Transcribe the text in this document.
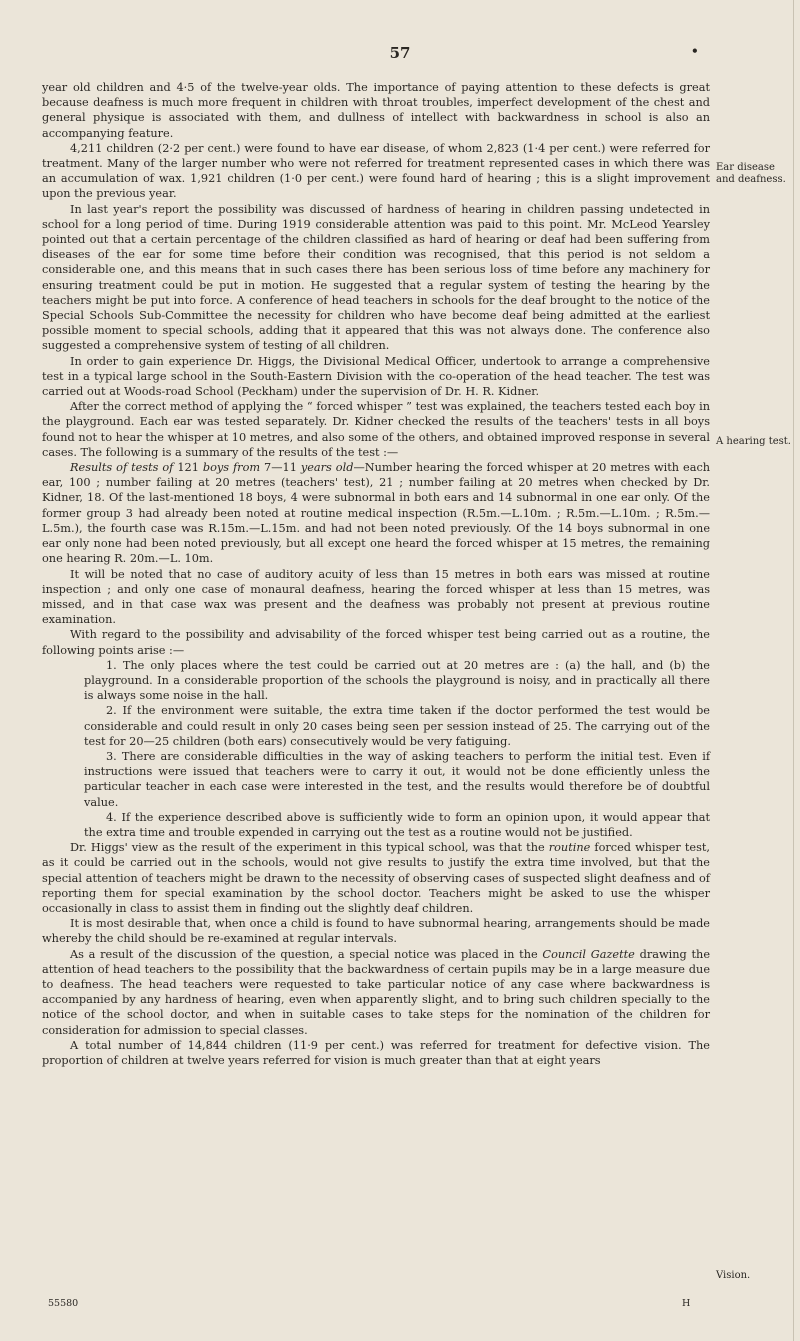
57	•

year old children and 4·5 of the twelve-year olds. The importance of paying attention to these defects is great because deafness is much more frequent in children with throat troubles, imperfect development of the chest and general physique is associated with them, and dullness of intellect with backwardness in school is also an accompanying feature.

4,211 children (2·2 per cent.) were found to have ear disease, of whom 2,823 (1·4 per cent.) were referred for treatment. Many of the larger number who were not referred for treatment represented cases in which there was an accumulation of wax. 1,921 children (1·0 per cent.) were found hard of hearing ; this is a slight improvement upon the previous year.

In last year's report the possibility was discussed of hardness of hearing in children passing undetected in school for a long period of time. During 1919 considerable attention was paid to this point. Mr. McLeod Yearsley pointed out that a certain percentage of the children classified as hard of hearing or deaf had been suffering from diseases of the ear for some time before their condition was recognised, that this period is not seldom a considerable one, and this means that in such cases there has been serious loss of time before any machinery for ensuring treatment could be put in motion. He suggested that a regular system of testing the hearing by the teachers might be put into force. A conference of head teachers in schools for the deaf brought to the notice of the Special Schools Sub-Committee the necessity for children who have become deaf being admitted at the earliest possible moment to special schools, adding that it appeared that this was not always done. The conference also suggested a comprehensive system of testing of all children.

In order to gain experience Dr. Higgs, the Divisional Medical Officer, undertook to arrange a comprehensive test in a typical large school in the South-Eastern Division with the co-operation of the head teacher. The test was carried out at Woods-road School (Peckham) under the supervision of Dr. H. R. Kidner.

After the correct method of applying the “ forced whisper ” test was explained, the teachers tested each boy in the playground. Each ear was tested separately. Dr. Kidner checked the results of the teachers' tests in all boys found not to hear the whisper at 10 metres, and also some of the others, and obtained improved response in several cases. The following is a summary of the results of the test :—

Results of tests of 121 boys from 7—11 years old—Number hearing the forced whisper at 20 metres with each ear, 100 ; number failing at 20 metres (teachers' test), 21 ; number failing at 20 metres when checked by Dr. Kidner, 18. Of the last-mentioned 18 boys, 4 were subnormal in both ears and 14 subnormal in one ear only. Of the former group 3 had already been noted at routine medical inspection (R.5m.—L.10m. ; R.5m.—L.10m. ; R.5m.—L.5m.), the fourth case was R.15m.—L.15m. and had not been noted previously. Of the 14 boys subnormal in one ear only none had been noted previously, but all except one heard the forced whisper at 15 metres, the remaining one hearing R. 20m.—L. 10m.

It will be noted that no case of auditory acuity of less than 15 metres in both ears was missed at routine inspection ; and only one case of monaural deafness, hearing the forced whisper at less than 15 metres, was missed, and in that case wax was present and the deafness was probably not present at previous routine examination.

With regard to the possibility and advisability of the forced whisper test being carried out as a routine, the following points arise :—

1. The only places where the test could be carried out at 20 metres are : (a) the hall, and (b) the playground. In a considerable proportion of the schools the playground is noisy, and in practically all there is always some noise in the hall.

2. If the environment were suitable, the extra time taken if the doctor performed the test would be considerable and could result in only 20 cases being seen per session instead of 25. The carrying out of the test for 20—25 children (both ears) consecutively would be very fatiguing.

3. There are considerable difficulties in the way of asking teachers to perform the initial test. Even if instructions were issued that teachers were to carry it out, it would not be done efficiently unless the particular teacher in each case were interested in the test, and the results would therefore be of doubtful value.

4. If the experience described above is sufficiently wide to form an opinion upon, it would appear that the extra time and trouble expended in carrying out the test as a routine would not be justified.

Dr. Higgs' view as the result of the experiment in this typical school, was that the routine forced whisper test, as it could be carried out in the schools, would not give results to justify the extra time involved, but that the special attention of teachers might be drawn to the necessity of observing cases of suspected slight deafness and of reporting them for special examination by the school doctor. Teachers might be asked to use the whisper occasionally in class to assist them in finding out the slightly deaf children.

It is most desirable that, when once a child is found to have subnormal hearing, arrangements should be made whereby the child should be re-examined at regular intervals.

As a result of the discussion of the question, a special notice was placed in the Council Gazette drawing the attention of head teachers to the possibility that the backwardness of certain pupils may be in a large measure due to deafness. The head teachers were requested to take particular notice of any case where backwardness is accompanied by any hardness of hearing, even when apparently slight, and to bring such children specially to the notice of the school doctor, and when in suitable cases to take steps for the nomination of the children for consideration for admission to special classes.

A total number of 14,844 children (11·9 per cent.) was referred for treatment for defective vision. The proportion of children at twelve years referred for vision is much greater than that at eight years

Ear disease and deafness.
A hearing test.
Vision.
55580	H
